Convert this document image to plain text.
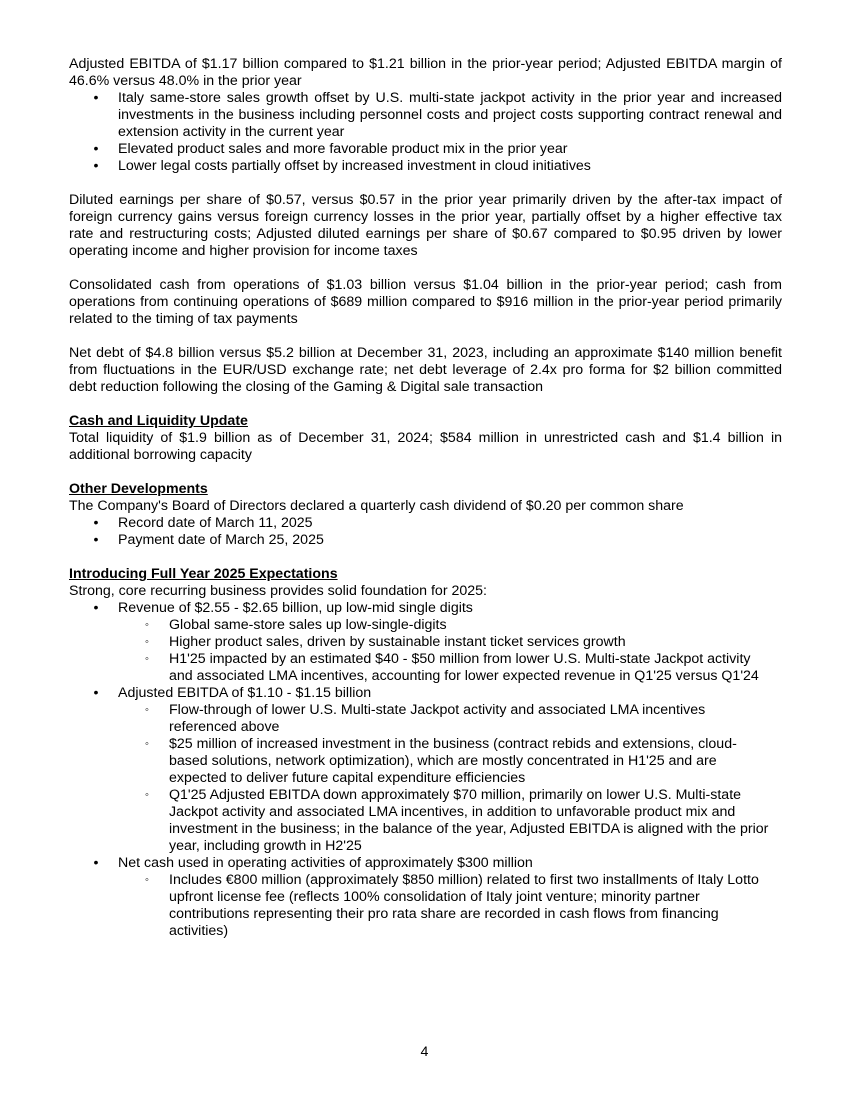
Adjusted EBITDA of $1.17 billion compared to $1.21 billion in the prior-year period; Adjusted EBITDA margin of 46.6% versus 48.0% in the prior year

• Italy same-store sales growth offset by U.S. multi-state jackpot activity in the prior year and increased investments in the business including personnel costs and project costs supporting contract renewal and extension activity in the current year
• Elevated product sales and more favorable product mix in the prior year
• Lower legal costs partially offset by increased investment in cloud initiatives

Diluted earnings per share of $0.57, versus $0.57 in the prior year primarily driven by the after-tax impact of foreign currency gains versus foreign currency losses in the prior year, partially offset by a higher effective tax rate and restructuring costs; Adjusted diluted earnings per share of $0.67 compared to $0.95 driven by lower operating income and higher provision for income taxes

Consolidated cash from operations of $1.03 billion versus $1.04 billion in the prior-year period; cash from operations from continuing operations of $689 million compared to $916 million in the prior-year period primarily related to the timing of tax payments

Net debt of $4.8 billion versus $5.2 billion at December 31, 2023, including an approximate $140 million benefit from fluctuations in the EUR/USD exchange rate; net debt leverage of 2.4x pro forma for $2 billion committed debt reduction following the closing of the Gaming & Digital sale transaction

Cash and Liquidity Update

Total liquidity of $1.9 billion as of December 31, 2024; $584 million in unrestricted cash and $1.4 billion in additional borrowing capacity

Other Developments

The Company's Board of Directors declared a quarterly cash dividend of $0.20 per common share

• Record date of March 11, 2025
• Payment date of March 25, 2025

Introducing Full Year 2025 Expectations

Strong, core recurring business provides solid foundation for 2025:

• Revenue of $2.55 - $2.65 billion, up low-mid single digits
◦ Global same-store sales up low-single-digits
◦ Higher product sales, driven by sustainable instant ticket services growth
◦ H1'25 impacted by an estimated $40 - $50 million from lower U.S. Multi-state Jackpot activity and associated LMA incentives, accounting for lower expected revenue in Q1'25 versus Q1'24
• Adjusted EBITDA of $1.10 - $1.15 billion
◦ Flow-through of lower U.S. Multi-state Jackpot activity and associated LMA incentives referenced above
◦ $25 million of increased investment in the business (contract rebids and extensions, cloud-based solutions, network optimization), which are mostly concentrated in H1'25 and are expected to deliver future capital expenditure efficiencies
◦ Q1'25 Adjusted EBITDA down approximately $70 million, primarily on lower U.S. Multi-state Jackpot activity and associated LMA incentives, in addition to unfavorable product mix and investment in the business; in the balance of the year, Adjusted EBITDA is aligned with the prior year, including growth in H2'25
• Net cash used in operating activities of approximately $300 million
◦ Includes €800 million (approximately $850 million) related to first two installments of Italy Lotto upfront license fee (reflects 100% consolidation of Italy joint venture; minority partner contributions representing their pro rata share are recorded in cash flows from financing activities)
4
